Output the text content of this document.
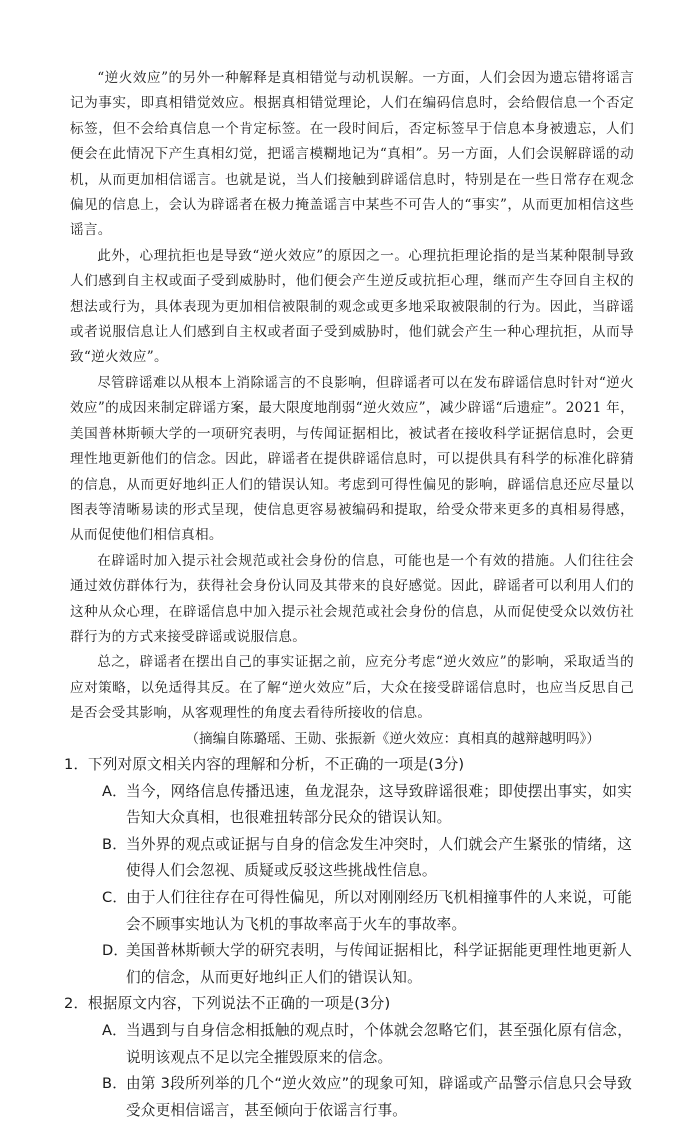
“逆火效应”的另外一种解释是真相错觉与动机误解。一方面，人们会因为遗忘错将谣言记为事实，即真相错觉效应。根据真相错觉理论，人们在编码信息时，会给假信息一个否定标签，但不会给真信息一个肯定标签。在一段时间后，否定标签早于信息本身被遗忘，人们便会在此情况下产生真相幻觉，把谣言模糊地记为“真相”。另一方面，人们会误解辟谣的动机，从而更加相信谣言。也就是说，当人们接触到辟谣信息时，特别是在一些日常存在观念偏见的信息上，会认为辟谣者在极力掩盖谣言中某些不可告人的“事实”，从而更加相信这些谣言。

此外，心理抗拒也是导致“逆火效应”的原因之一。心理抗拒理论指的是当某种限制导致人们感到自主权或面子受到威胁时，他们便会产生逆反或抗拒心理，继而产生夺回自主权的想法或行为，具体表现为更加相信被限制的观念或更多地采取被限制的行为。因此，当辟谣或者说服信息让人们感到自主权或者面子受到威胁时，他们就会产生一种心理抗拒，从而导致“逆火效应”。

尽管辟谣难以从根本上消除谣言的不良影响，但辟谣者可以在发布辟谣信息时针对“逆火效应”的成因来制定辟谣方案，最大限度地削弱“逆火效应”，减少辟谣“后遗症”。2021 年，美国普林斯顿大学的一项研究表明，与传闻证据相比，被试者在接收科学证据信息时，会更理性地更新他们的信念。因此，辟谣者在提供辟谣信息时，可以提供具有科学的标准化辟猜的信息，从而更好地纠正人们的错误认知。考虑到可得性偏见的影响，辟谣信息还应尽量以图表等清晰易读的形式呈现，使信息更容易被编码和提取，给受众带来更多的真相易得感，从而促使他们相信真相。

在辟谣时加入提示社会规范或社会身份的信息，可能也是一个有效的措施。人们往往会通过效仿群体行为，获得社会身份认同及其带来的良好感觉。因此，辟谣者可以利用人们的这种从众心理，在辟谣信息中加入提示社会规范或社会身份的信息，从而促使受众以效仿社群行为的方式来接受辟谣或说服信息。

总之，辟谣者在摆出自己的事实证据之前，应充分考虑“逆火效应”的影响，采取适当的应对策略，以免适得其反。在了解“逆火效应”后，大众在接受辟谣信息时，也应当反思自己是否会受其影响，从客观理性的角度去看待所接收的信息。

（摘编自陈璐瑶、王勋、张振新《逆火效应：真相真的越辩越明吗》）

1． 下列对原文相关内容的理解和分析，不正确的一项是(3分)

A． 当今，网络信息传播迅速，鱼龙混杂，这导致辟谣很难；即使摆出事实，如实告知大众真相，也很难扭转部分民众的错误认知。

B．
当外界的观点或证据与自身的信念发生冲突时，人们就会产生紧张的情绪，这使得人们会忽视、质疑或反驳这些挑战性信息。

C．
由于人们往往存在可得性偏见，所以对刚刚经历飞机相撞事件的人来说，可能会不顾事实地认为飞机的事故率高于火车的事故率。

D．
美国普林斯顿大学的研究表明，与传闻证据相比，科学证据能更理性地更新人们的信念，从而更好地纠正人们的错误认知。

2． 根据原文内容，下列说法不正确的一项是(3分)

A． 当遇到与自身信念相抵触的观点时，个体就会忽略它们，甚至强化原有信念，说明该观点不足以完全摧毁原来的信念。

B．
由第 3段所列举的几个“逆火效应”的现象可知，辟谣或产品警示信息只会导致受众更相信谣言，甚至倾向于依谣言行事。
